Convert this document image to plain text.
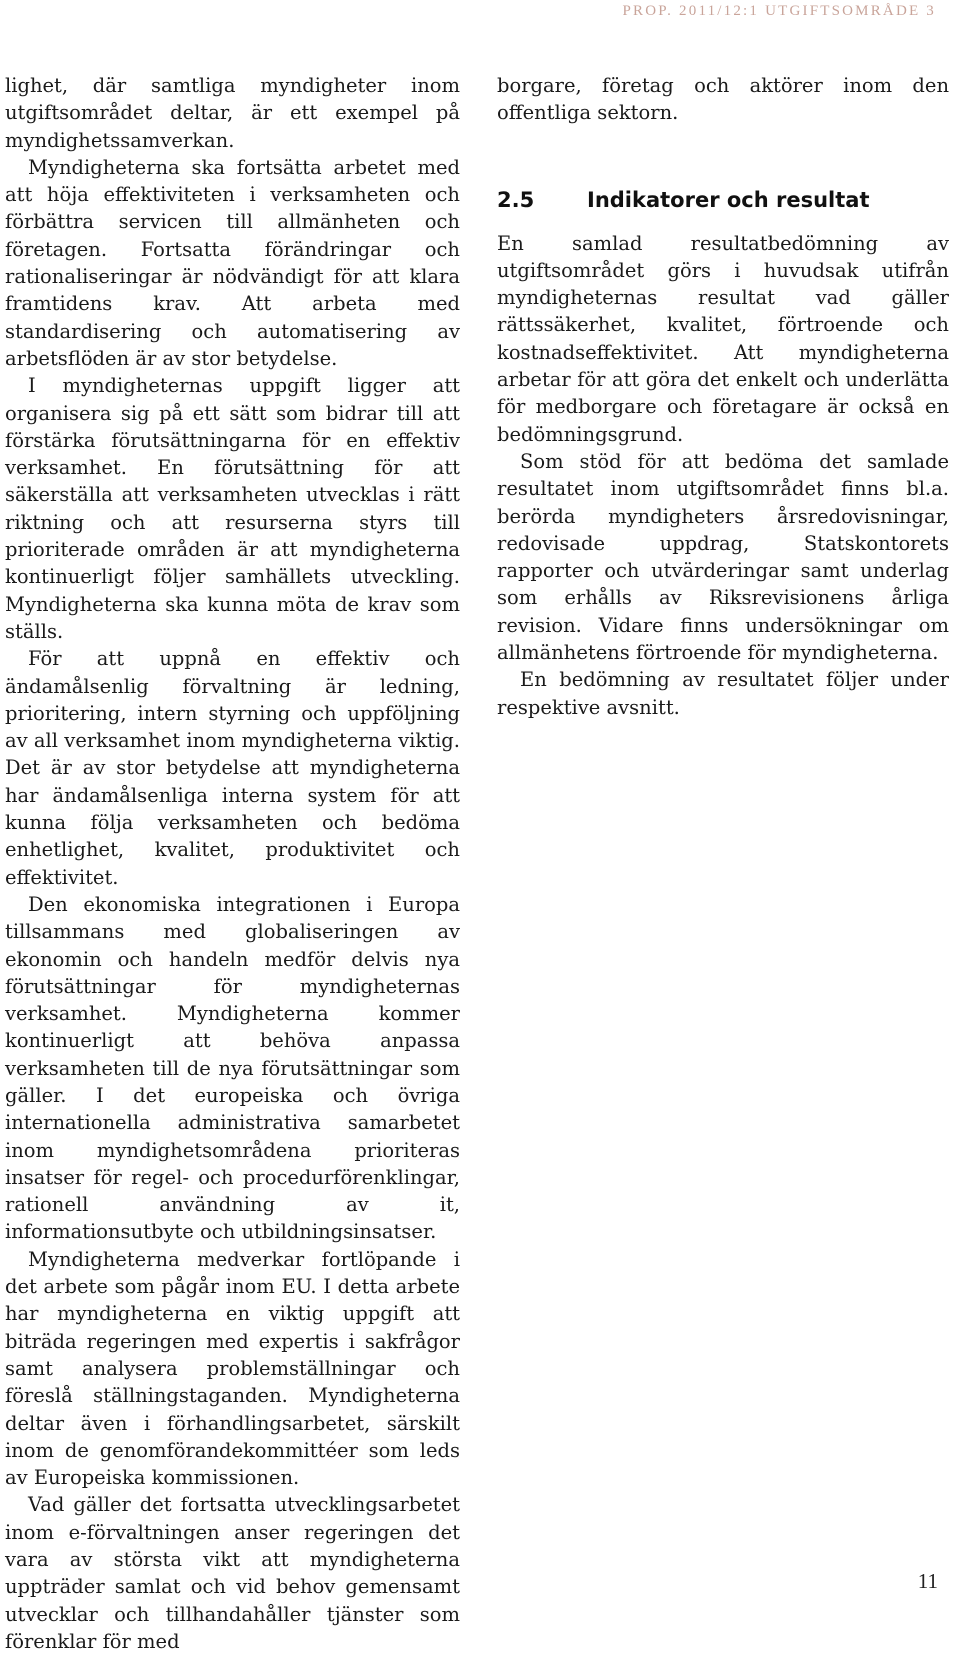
PROP. 2011/12:1 UTGIFTSOMRÅDE 3

lighet, där samtliga myndigheter inom utgiftsområdet deltar, är ett exempel på myndighetssamverkan.

Myndigheterna ska fortsätta arbetet med att höja effektiviteten i verksamheten och förbättra servicen till allmänheten och företagen. Fortsatta förändringar och rationaliseringar är nödvändigt för att klara framtidens krav. Att arbeta med standardisering och automatisering av arbetsflöden är av stor betydelse.

I myndigheternas uppgift ligger att organisera sig på ett sätt som bidrar till att förstärka förutsättningarna för en effektiv verksamhet. En förutsättning för att säkerställa att verksamheten utvecklas i rätt riktning och att resurserna styrs till prioriterade områden är att myndigheterna kontinuerligt följer samhällets utveckling. Myndigheterna ska kunna möta de krav som ställs.

För att uppnå en effektiv och ändamålsenlig förvaltning är ledning, prioritering, intern styrning och uppföljning av all verksamhet inom myndigheterna viktig. Det är av stor betydelse att myndigheterna har ändamålsenliga interna system för att kunna följa verksamheten och bedöma enhetlighet, kvalitet, produktivitet och effektivitet.

Den ekonomiska integrationen i Europa tillsammans med globaliseringen av ekonomin och handeln medför delvis nya förutsättningar för myndigheternas verksamhet. Myndigheterna kommer kontinuerligt att behöva anpassa verksamheten till de nya förutsättningar som gäller. I det europeiska och övriga internationella administrativa samarbetet inom myndighetsområdena prioriteras insatser för regel- och procedurförenklingar, rationell användning av it, informationsutbyte och utbildningsinsatser.

Myndigheterna medverkar fortlöpande i det arbete som pågår inom EU. I detta arbete har myndigheterna en viktig uppgift att biträda regeringen med expertis i sakfrågor samt analysera problemställningar och föreslå ställningstaganden. Myndigheterna deltar även i förhandlingsarbetet, särskilt inom de genomförandekommittéer som leds av Europeiska kommissionen.

Vad gäller det fortsatta utvecklingsarbetet inom e-förvaltningen anser regeringen det vara av största vikt att myndigheterna uppträder samlat och vid behov gemensamt utvecklar och tillhandahåller tjänster som förenklar för med

borgare, företag och aktörer inom den offentliga sektorn.

2.5	Indikatorer och resultat

En samlad resultatbedömning av utgiftsområdet görs i huvudsak utifrån myndigheternas resultat vad gäller rättssäkerhet, kvalitet, förtroende och kostnadseffektivitet. Att myndigheterna arbetar för att göra det enkelt och underlätta för medborgare och företagare är också en bedömningsgrund.

Som stöd för att bedöma det samlade resultatet inom utgiftsområdet finns bl.a. berörda myndigheters årsredovisningar, redovisade uppdrag, Statskontorets rapporter och utvärderingar samt underlag som erhålls av Riksrevisionens årliga revision. Vidare finns undersökningar om allmänhetens förtroende för myndigheterna.

En bedömning av resultatet följer under respektive avsnitt.

11
